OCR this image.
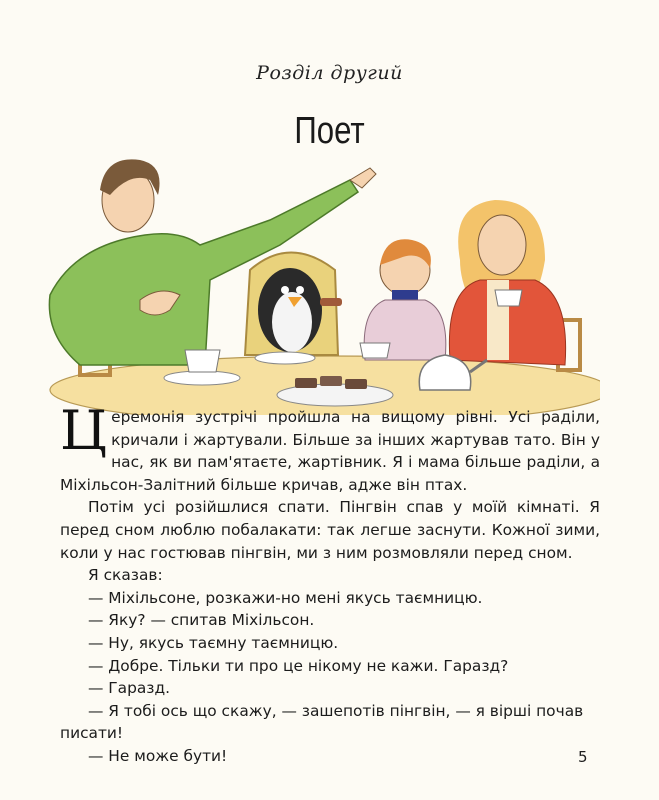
Розділ другий
Поет

Церемонія зустрічі пройшла на вищому рівні. Усі раділи, кричали і жартували. Більше за інших жартував тато. Він у нас, як ви пам'ятаєте, жартівник. Я і мама більше раділи, а Міхільсон-Залітний більше кричав, адже він птах.

Потім усі розійшлися спати. Пінгвін спав у моїй кімнаті. Я перед сном люблю побалакати: так легше заснути. Кожної зими, коли у нас гостював пінгвін, ми з ним розмовляли перед сном.

Я сказав:

— Міхільсоне, розкажи-но мені якусь таємницю.

— Яку? — спитав Міхільсон.

— Ну, якусь таємну таємницю.

— Добре. Тільки ти про це нікому не кажи. Гаразд?

— Гаразд.

— Я тобі ось що скажу, — зашепотів пінгвін, — я вірші почав писати!

— Не може бути!	5
